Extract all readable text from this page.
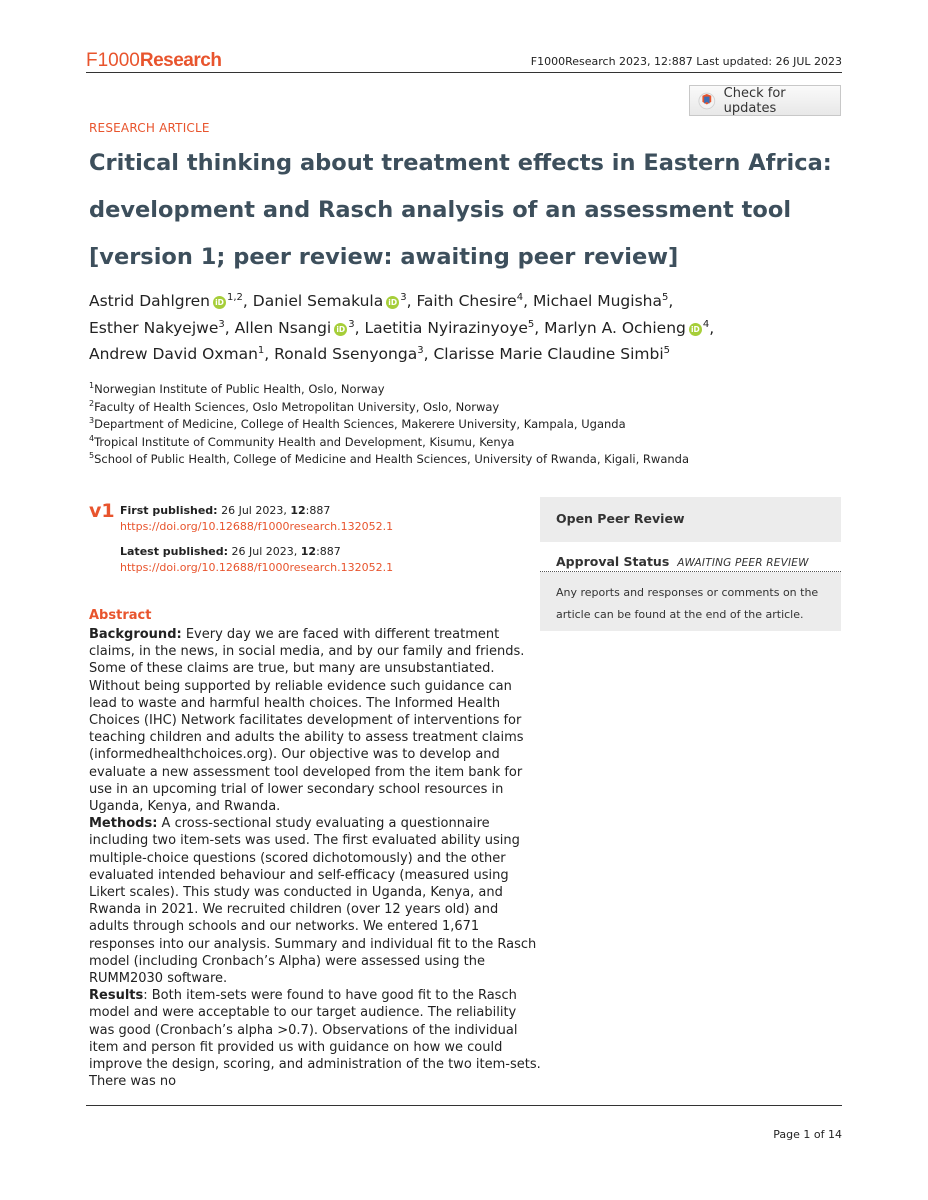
F1000Research	F1000Research 2023, 12:887 Last updated: 26 JUL 2023
Check for updates
RESEARCH ARTICLE
Critical thinking about treatment effects in Eastern Africa:
development and Rasch analysis of an assessment tool
[version 1; peer review: awaiting peer review]
Astrid Dahlgren iD $^{1,2}$, Daniel Semakula iD $^3$, Faith Chesire$^4$, Michael Mugisha$^5$,
Esther Nakyejwe$^3$, Allen Nsangi iD $^3$, Laetitia Nyirazinyoye$^5$, Marlyn A. Ochieng iD $^4$,
Andrew David Oxman$^1$, Ronald Ssenyonga$^3$, Clarisse Marie Claudine Simbi$^5$
$^1$Norwegian Institute of Public Health, Oslo, Norway
$^2$Faculty of Health Sciences, Oslo Metropolitan University, Oslo, Norway
$^3$Department of Medicine, College of Health Sciences, Makerere University, Kampala, Uganda
$^4$Tropical Institute of Community Health and Development, Kisumu, Kenya
$^5$School of Public Health, College of Medicine and Health Sciences, University of Rwanda, Kigali, Rwanda
v1 First published: 26 Jul 2023, 12:887
https://doi.org/10.12688/f1000research.132052.1
Latest published: 26 Jul 2023, 12:887
https://doi.org/10.12688/f1000research.132052.1
Open Peer Review
Approval Status AWAITING PEER REVIEW
Any reports and responses or comments on the article can be found at the end of the article.
Abstract

Background: Every day we are faced with different treatment claims, in the news, in social media, and by our family and friends. Some of these claims are true, but many are unsubstantiated. Without being supported by reliable evidence such guidance can lead to waste and harmful health choices. The Informed Health Choices (IHC) Network facilitates development of interventions for teaching children and adults the ability to assess treatment claims (informedhealthchoices.org). Our objective was to develop and evaluate a new assessment tool developed from the item bank for use in an upcoming trial of lower secondary school resources in Uganda, Kenya, and Rwanda.

Methods: A cross-sectional study evaluating a questionnaire including two item-sets was used. The first evaluated ability using multiple-choice questions (scored dichotomously) and the other evaluated intended behaviour and self-efficacy (measured using Likert scales). This study was conducted in Uganda, Kenya, and Rwanda in 2021. We recruited children (over 12 years old) and adults through schools and our networks. We entered 1,671 responses into our analysis. Summary and individual fit to the Rasch model (including Cronbach’s Alpha) were assessed using the RUMM2030 software.

Results: Both item-sets were found to have good fit to the Rasch model and were acceptable to our target audience. The reliability was good (Cronbach’s alpha >0.7). Observations of the individual item and person fit provided us with guidance on how we could improve the design, scoring, and administration of the two item-sets. There was no

Page 1 of 14
